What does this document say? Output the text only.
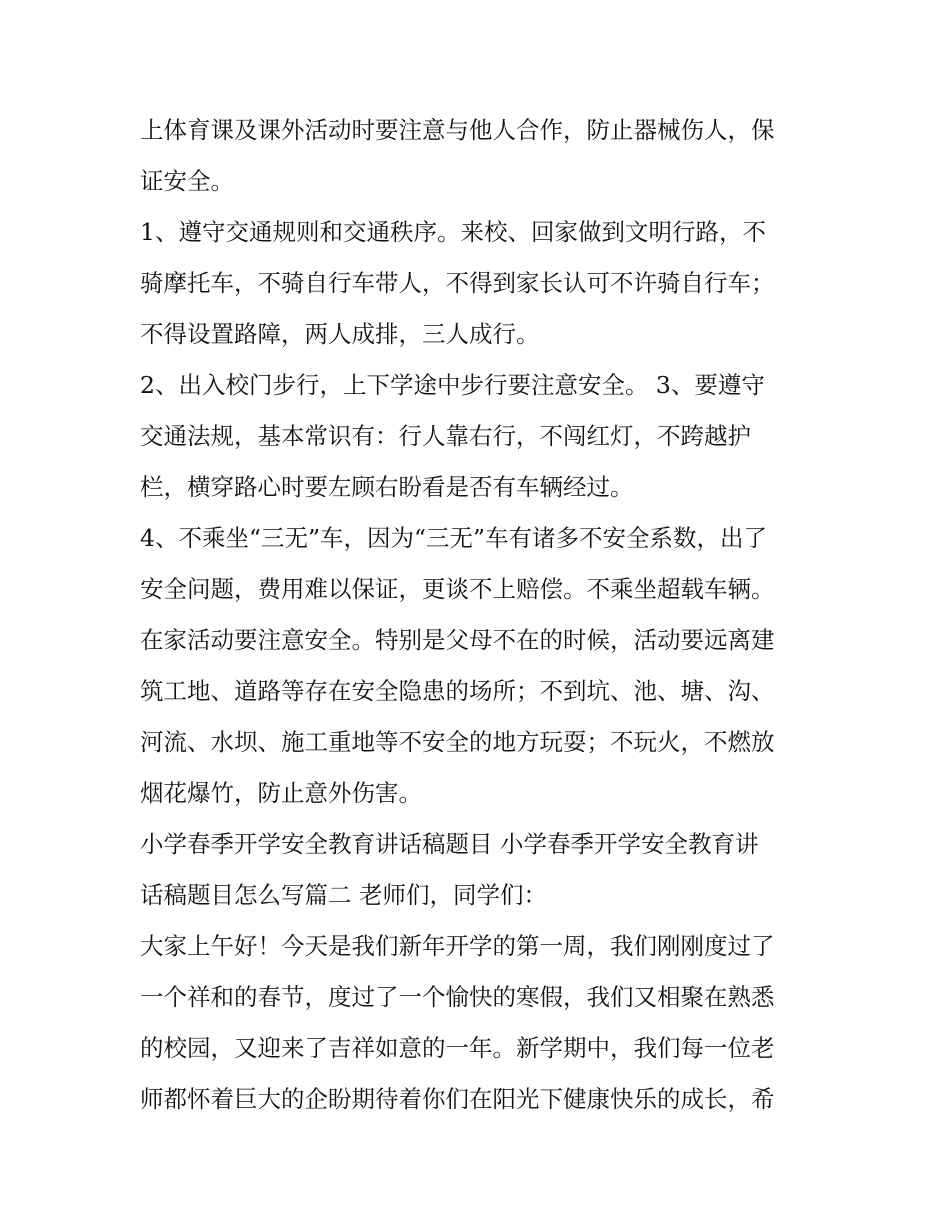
上体育课及课外活动时要注意与他人合作，防止器械伤人，保
证安全。
1、遵守交通规则和交通秩序。来校、回家做到文明行路，不
骑摩托车，不骑自行车带人，不得到家长认可不许骑自行车；
不得设置路障，两人成排，三人成行。
2、出入校门步行，上下学途中步行要注意安全。 3、要遵守
交通法规，基本常识有：行人靠右行，不闯红灯，不跨越护
栏，横穿路心时要左顾右盼看是否有车辆经过。
4、不乘坐“三无”车，因为“三无”车有诸多不安全系数，出了
安全问题，费用难以保证，更谈不上赔偿。不乘坐超载车辆。
在家活动要注意安全。特别是父母不在的时候，活动要远离建
筑工地、道路等存在安全隐患的场所；不到坑、池、塘、沟、
河流、水坝、施工重地等不安全的地方玩耍；不玩火，不燃放
烟花爆竹，防止意外伤害。
小学春季开学安全教育讲话稿题目 小学春季开学安全教育讲
话稿题目怎么写篇二 老师们，同学们：
大家上午好！今天是我们新年开学的第一周，我们刚刚度过了
一个祥和的春节，度过了一个愉快的寒假，我们又相聚在熟悉
的校园，又迎来了吉祥如意的一年。新学期中，我们每一位老
师都怀着巨大的企盼期待着你们在阳光下健康快乐的成长，希
